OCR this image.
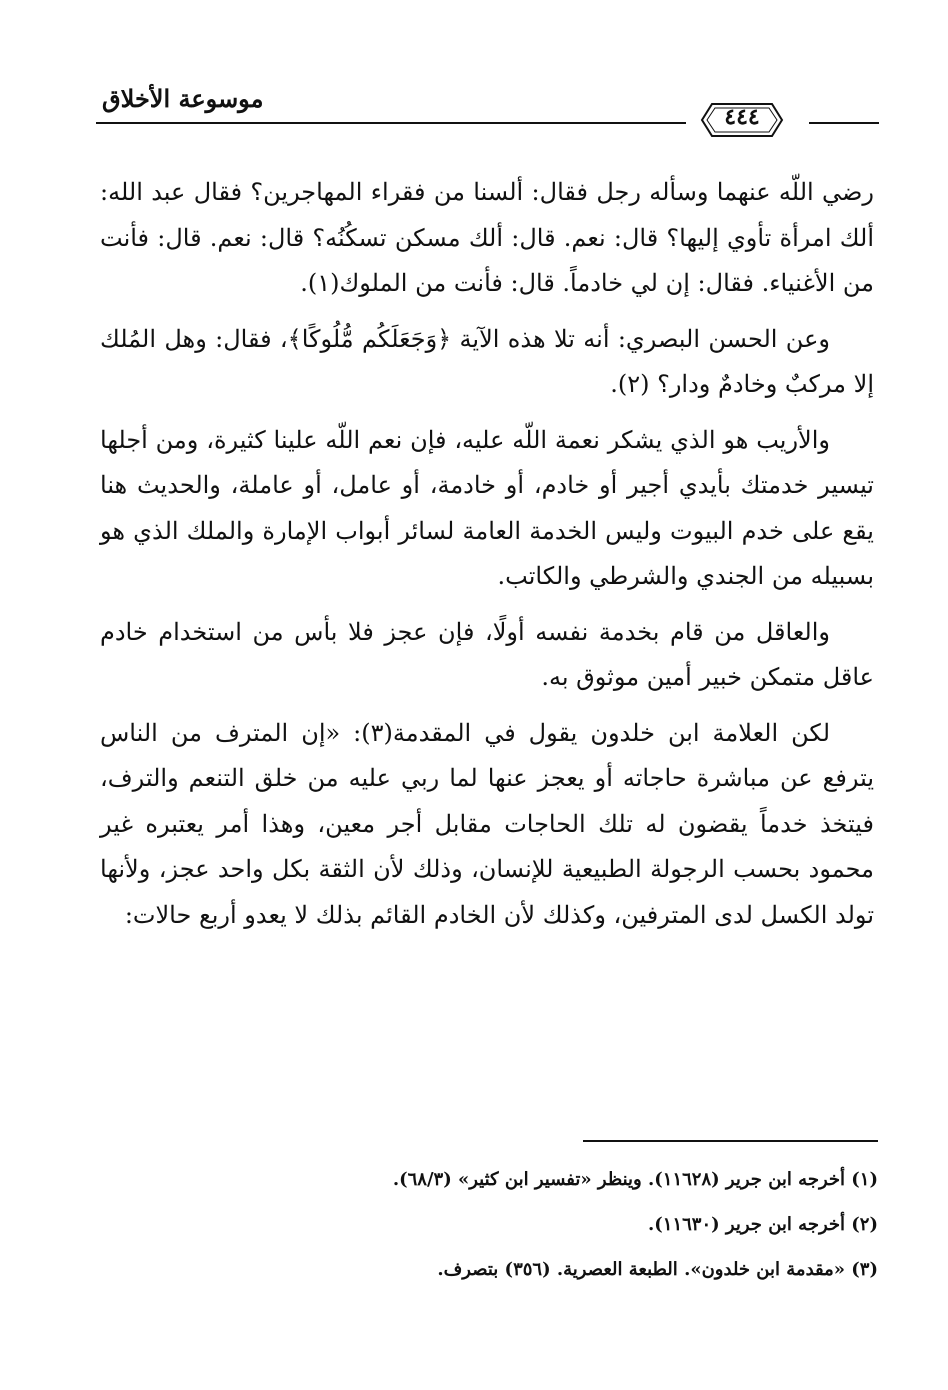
موسوعة الأخلاق
٤٤٤

رضي اللّه عنهما وسأله رجل فقال: ألسنا من فقراء المهاجرين؟ فقال عبد الله: ألك امرأة تأوي إليها؟ قال: نعم. قال: ألك مسكن تسكُنُه؟ قال: نعم. قال: فأنت من الأغنياء. فقال: إن لي خادماً. قال: فأنت من الملوك(١).

وعن الحسن البصري: أنه تلا هذه الآية ﴿وَجَعَلَكُم مُّلُوكًا﴾، فقال: وهل المُلك إلا مركبٌ وخادمٌ ودار؟ (٢).

والأريب هو الذي يشكر نعمة اللّه عليه، فإن نعم اللّه علينا كثيرة، ومن أجلها تيسير خدمتك بأيدي أجير أو خادم، أو خادمة، أو عامل، أو عاملة، والحديث هنا يقع على خدم البيوت وليس الخدمة العامة لسائر أبواب الإمارة والملك الذي هو بسبيله من الجندي والشرطي والكاتب.

والعاقل من قام بخدمة نفسه أولًا، فإن عجز فلا بأس من استخدام خادم عاقل متمكن خبير أمين موثوق به.

لكن العلامة ابن خلدون يقول في المقدمة(٣): «إن المترف من الناس يترفع عن مباشرة حاجاته أو يعجز عنها لما ربي عليه من خلق التنعم والترف، فيتخذ خدماً يقضون له تلك الحاجات مقابل أجر معين، وهذا أمر يعتبره غير محمود بحسب الرجولة الطبيعية للإنسان، وذلك لأن الثقة بكل واحد عجز، ولأنها تولد الكسل لدى المترفين، وكذلك لأن الخادم القائم بذلك لا يعدو أربع حالات:

(١) أخرجه ابن جرير (١١٦٢٨). وينظر «تفسير ابن كثير» (٦٨/٣).
(٢) أخرجه ابن جرير (١١٦٣٠).
(٣) «مقدمة ابن خلدون». الطبعة العصرية. (٣٥٦) بتصرف.
